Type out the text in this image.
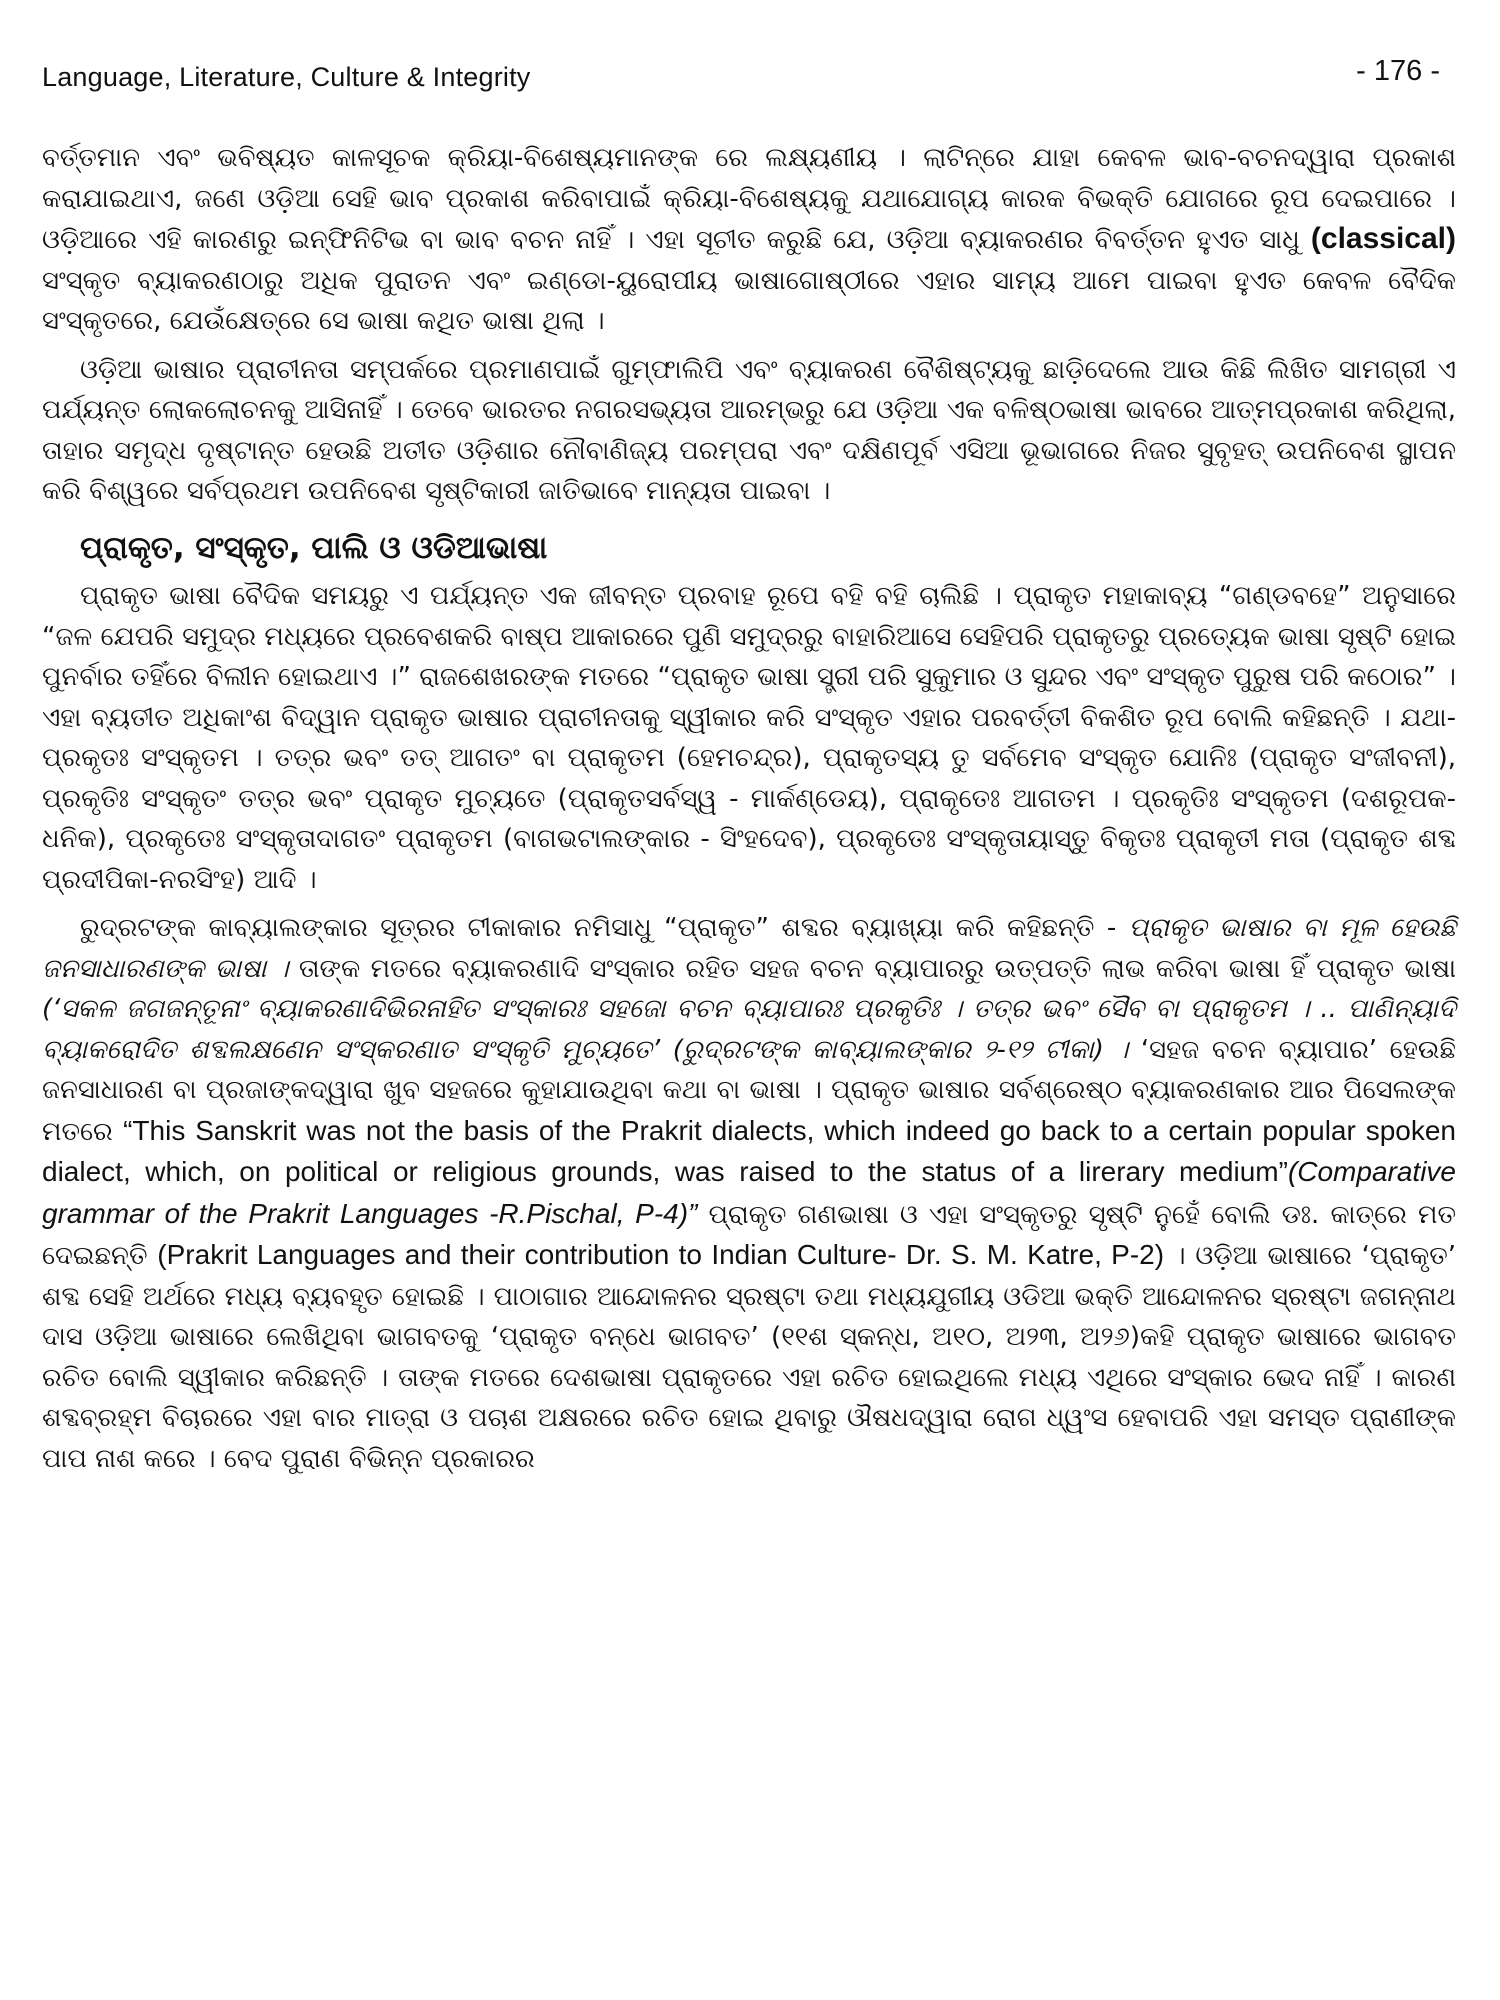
Language, Literature, Culture & Integrity	- 176 -

ବର୍ତ୍ତମାନ ଏବଂ ଭବିଷ୍ୟତ କାଳସୂଚକ କ୍ରିୟା-ବିଶେଷ୍ୟମାନଙ୍କ ରେ ଲକ୍ଷ୍ୟଣୀୟ । ଲାଟିନ୍‌ରେ ଯାହା କେବଳ ଭାବ-ବଚନଦ୍ୱାରା ପ୍ରକାଶ କରାଯାଇଥାଏ, ଜଣେ ଓଡ଼ିଆ ସେହି ଭାବ ପ୍ରକାଶ କରିବାପାଇଁ କ୍ରିୟା-ବିଶେଷ୍ୟକୁ ଯଥାଯୋଗ୍ୟ କାରକ ବିଭକ୍ତି ଯୋଗରେ ରୂପ ଦେଇପାରେ । ଓଡ଼ିଆରେ ଏହି କାରଣରୁ ଇନ୍‌ଫିନିଟିଭ ବା ଭାବ ବଚନ ନାହିଁ । ଏହା ସୂଚୀତ କରୁଛି ଯେ, ଓଡ଼ିଆ ବ୍ୟାକରଣର ବିବର୍ତ୍ତନ ହୁଏତ ସାଧୁ (classical) ସଂସ୍କୃତ ବ୍ୟାକରଣଠାରୁ ଅଧିକ ପୁରାତନ ଏବଂ ଇଣ୍ଡୋ-ୟୁରୋପୀୟ ଭାଷାଗୋଷ୍ଠୀରେ ଏହାର ସାମ୍ୟ ଆମେ ପାଇବା ହୁଏତ କେବଳ ବୈଦିକ ସଂସ୍କୃତରେ, ଯେଉଁକ୍ଷେତ୍ରେ ସେ ଭାଷା କଥିତ ଭାଷା ଥିଲା ।

ଓଡ଼ିଆ ଭାଷାର ପ୍ରାଚୀନତା ସମ୍ପର୍କରେ ପ୍ରମାଣପାଇଁ ଗୁମ୍ଫାଲିପି ଏବଂ ବ୍ୟାକରଣ ବୈଶିଷ୍ଟ୍ୟକୁ ଛାଡ଼ିଦେଲେ ଆଉ କିଛି ଲିଖିତ ସାମଗ୍ରୀ ଏ ପର୍ଯ୍ୟନ୍ତ ଲୋକଲୋଚନକୁ ଆସିନାହିଁ । ତେବେ ଭାରତର ନଗରସଭ୍ୟତା ଆରମ୍ଭରୁ ଯେ ଓଡ଼ିଆ ଏକ ବଳିଷ୍ଠଭାଷା ଭାବରେ ଆତ୍ମପ୍ରକାଶ କରିଥିଲା, ତାହାର ସମୃଦ୍ଧ ଦୃଷ୍ଟାନ୍ତ ହେଉଛି ଅତୀତ ଓଡ଼ିଶାର ନୌବାଣିଜ୍ୟ ପରମ୍ପରା ଏବଂ ଦକ୍ଷିଣପୂର୍ବ ଏସିଆ ଭୂଭାଗରେ ନିଜର ସୁବୃହତ୍ ଉପନିବେଶ ସ୍ଥାପନ କରି ବିଶ୍ୱରେ ସର୍ବପ୍ରଥମ ଉପନିବେଶ ସୃଷ୍ଟିକାରୀ ଜାତିଭାବେ ମାନ୍ୟତା ପାଇବା ।

ପ୍ରାକୃତ, ସଂସ୍କୃତ, ପାଲି ଓ ଓଡିଆଭାଷା

ପ୍ରାକୃତ ଭାଷା ବୈଦିକ ସମୟରୁ ଏ ପର୍ଯ୍ୟନ୍ତ ଏକ ଜୀବନ୍ତ ପ୍ରବାହ ରୂପେ ବହି ବହି ଚାଲିଛି । ପ୍ରାକୃତ ମହାକାବ୍ୟ “ଗଣ୍ଡବହେ” ଅନୁସାରେ “ଜଳ ଯେପରି ସମୁଦ୍ର ମଧ୍ୟରେ ପ୍ରବେଶକରି ବାଷ୍ପ ଆକାରରେ ପୁଣି ସମୁଦ୍ରରୁ ବାହାରିଆସେ ସେହିପରି ପ୍ରାକୃତରୁ ପ୍ରତ୍ୟେକ ଭାଷା ସୃଷ୍ଟି ହୋଇ ପୁନର୍ବାର ତହିଁରେ ବିଲୀନ ହୋଇଥାଏ ।” ରାଜଶେଖରଙ୍କ ମତରେ “ପ୍ରାକୃତ ଭାଷା ସ୍ତ୍ରୀ ପରି ସୁକୁମାର ଓ ସୁନ୍ଦର ଏବଂ ସଂସ୍କୃତ ପୁରୁଷ ପରି କଠୋର” । ଏହା ବ୍ୟତୀତ ଅଧିକାଂଶ ବିଦ୍ୱାନ ପ୍ରାକୃତ ଭାଷାର ପ୍ରାଚୀନତାକୁ ସ୍ୱୀକାର କରି ସଂସ୍କୃତ ଏହାର ପରବର୍ତ୍ତୀ ବିକଶିତ ରୂପ ବୋଲି କହିଛନ୍ତି । ଯଥା- ପ୍ରକୃତଃ ସଂସ୍କୃତମ । ତତ୍ର ଭବଂ ତତ୍ ଆଗତଂ ବା ପ୍ରାକୃତମ (ହେମଚନ୍ଦ୍ର), ପ୍ରାକୃତସ୍ୟ ତୁ ସର୍ବମେବ ସଂସ୍କୃତ ଯୋନିଃ (ପ୍ରାକୃତ ସଂଜୀବନୀ), ପ୍ରକୃତିଃ ସଂସ୍କୃତଂ ତତ୍ର ଭବଂ ପ୍ରାକୃତ ମୁଚ୍ୟତେ (ପ୍ରାକୃତସର୍ବସ୍ୱ - ମାର୍କଣ୍ଡେୟ), ପ୍ରାକୃତେଃ ଆଗତମ । ପ୍ରକୃତିଃ ସଂସ୍କୃତମ (ଦଶରୂପକ-ଧନିକ), ପ୍ରକୃତେଃ ସଂସ୍କୃତାଦାଗତଂ ପ୍ରାକୃତମ (ବାଗଭଟାଲଙ୍କାର - ସିଂହଦେବ), ପ୍ରକୃତେଃ ସଂସ୍କୃତାୟାସ୍ତୁ ବିକୃତଃ ପ୍ରାକୃତୀ ମତା (ପ୍ରାକୃତ ଶବ୍ଦ ପ୍ରଦୀପିକା-ନରସିଂହ) ଆଦି ।

ରୁଦ୍ରଟଙ୍କ କାବ୍ୟାଲଙ୍କାର ସୂତ୍ରର ଟୀକାକାର ନମିସାଧୁ “ପ୍ରାକୃତ” ଶବ୍ଦର ବ୍ୟାଖ୍ୟା କରି କହିଛନ୍ତି - ପ୍ରାକୃତ ଭାଷାର ବା ମୂଳ ହେଉଛି ଜନସାଧାରଣଙ୍କ ଭାଷା । ତାଙ୍କ ମତରେ ବ୍ୟାକରଣାଦି ସଂସ୍କାର ରହିତ ସହଜ ବଚନ ବ୍ୟାପାରରୁ ଉତ୍ପତ୍ତି ଲାଭ କରିବା ଭାଷା ହିଁ ପ୍ରାକୃତ ଭାଷା (‘ସକଳ ଜଗଜନ୍ତୂନାଂ ବ୍ୟାକରଣାଦିଭିରନାହିତ ସଂସ୍କାରଃ ସହଜୋ ବଚନ ବ୍ୟାପାରଃ ପ୍ରକୃତିଃ । ତତ୍ର ଭବଂ ସୈବ ବା ପ୍ରାକୃତମ । .. ପାଣିନ୍ୟାଦି ବ୍ୟାକରୋଦିତ ଶବ୍ଦଲକ୍ଷଣେନ ସଂସ୍କରଣାତ ସଂସ୍କୃତି ମୁଚ୍ୟତେ’ (ରୁଦ୍ରଟଙ୍କ କାବ୍ୟାଲଙ୍କାର ୨-୧୨ ଟୀକା) । ‘ସହଜ ବଚନ ବ୍ୟାପାର’ ହେଉଛି ଜନସାଧାରଣ ବା ପ୍ରଜାଙ୍କଦ୍ୱାରା ଖୁବ ସହଜରେ କୁହାଯାଉଥିବା କଥା ବା ଭାଷା । ପ୍ରାକୃତ ଭାଷାର ସର୍ବଶ୍ରେଷ୍ଠ ବ୍ୟାକରଣକାର ଆର ପିସେଲଙ୍କ ମତରେ “This Sanskrit was not the basis of the Prakrit dialects, which indeed go back to a certain popular spoken dialect, which, on political or religious grounds, was raised to the status of a lirerary medium”(Comparative grammar of the Prakrit Languages -R.Pischal, P-4)” ପ୍ରାକୃତ ଗଣଭାଷା ଓ ଏହା ସଂସ୍କୃତରୁ ସୃଷ୍ଟି ନୁହେଁ ବୋଲି ଡଃ. କାତ୍ରେ ମତ ଦେଇଛନ୍ତି (Prakrit Languages and their contribution to Indian Culture- Dr. S. M. Katre, P-2) । ଓଡ଼ିଆ ଭାଷାରେ ‘ପ୍ରାକୃତ’ ଶବ୍ଦ ସେହି ଅର୍ଥରେ ମଧ୍ୟ ବ୍ୟବହୃତ ହୋଇଛି । ପାଠାଗାର ଆନ୍ଦୋଳନର ସ୍ରଷ୍ଟା ତଥା ମଧ୍ୟଯୁଗୀୟ ଓଡିଆ ଭକ୍ତି ଆନ୍ଦୋଳନର ସ୍ରଷ୍ଟା ଜଗନ୍ନାଥ ଦାସ ଓଡ଼ିଆ ଭାଷାରେ ଲେଖିଥିବା ଭାଗବତକୁ ‘ପ୍ରାକୃତ ବନ୍ଧେ ଭାଗବତ’ (୧୧ଶ ସ୍କନ୍ଧ, ଅ୧୦, ଅ୨୩, ଅ୨୬)କହି ପ୍ରାକୃତ ଭାଷାରେ ଭାଗବତ ରଚିତ ବୋଲି ସ୍ୱୀକାର କରିଛନ୍ତି । ତାଙ୍କ ମତରେ ଦେଶଭାଷା ପ୍ରାକୃତରେ ଏହା ରଚିତ ହୋଇଥିଲେ ମଧ୍ୟ ଏଥିରେ ସଂସ୍କାର ଭେଦ ନାହିଁ । କାରଣ ଶବ୍ଦବ୍ରହ୍ମ ବିଚାରରେ ଏହା ବାର ମାତ୍ରା ଓ ପଚାଶ ଅକ୍ଷରରେ ରଚିତ ହୋଇ ଥିବାରୁ ଔଷଧଦ୍ୱାରା ରୋଗ ଧ୍ୱଂସ ହେବାପରି ଏହା ସମସ୍ତ ପ୍ରାଣୀଙ୍କ ପାପ ନାଶ କରେ । ବେଦ ପୁରାଣ ବିଭିନ୍ନ ପ୍ରକାରର
